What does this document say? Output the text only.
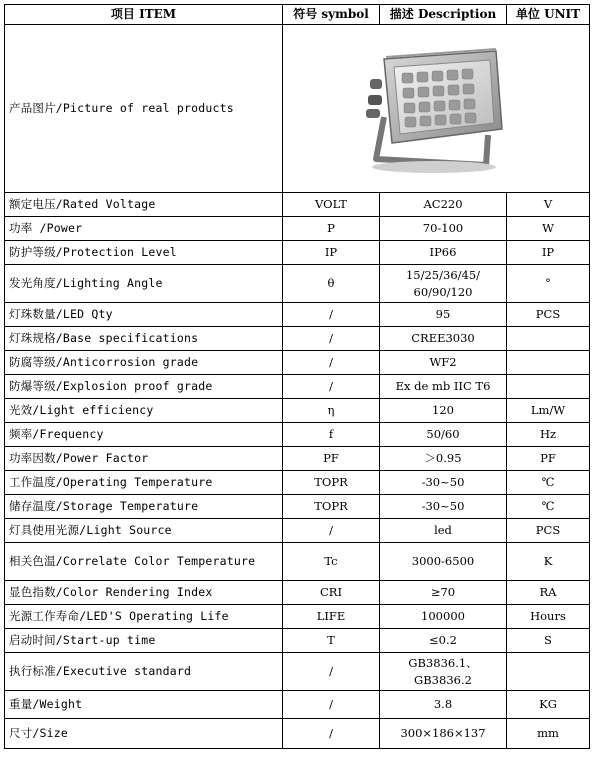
项目 ITEM	符号 symbol	描述 Description	单位 UNIT
产品图片/Picture of real products	

额定电压/Rated Voltage	VOLT	AC220	V
功率 /Power	P	70-100	W
防护等级/Protection Level	IP	IP66	IP
发光角度/Lighting Angle	θ	15/25/36/45/ 60/90/120	°
灯珠数量/LED Qty	/	95	PCS
灯珠规格/Base specifications	/	CREE3030	
防腐等级/Anticorrosion grade	/	WF2	
防爆等级/Explosion proof grade	/	Ex de mb IIC T6	
光效/Light efficiency	η	120	Lm/W
频率/Frequency	f	50/60	Hz
功率因数/Power Factor	PF	＞0.95	PF
工作温度/Operating Temperature	TOPR	-30~50	℃
储存温度/Storage Temperature	TOPR	-30~50	℃
灯具使用光源/Light Source	/	led	PCS
相关色温/Correlate Color Temperature	Tc	3000-6500	K
显色指数/Color Rendering Index	CRI	≥70	RA
光源工作寿命/LED'S Operating Life	LIFE	100000	Hours
启动时间/Start-up time	T	≤0.2	S
执行标准/Executive standard	/	GB3836.1、 GB3836.2	
重量/Weight	/	3.8	KG
尺寸/Size	/	300×186×137	mm
